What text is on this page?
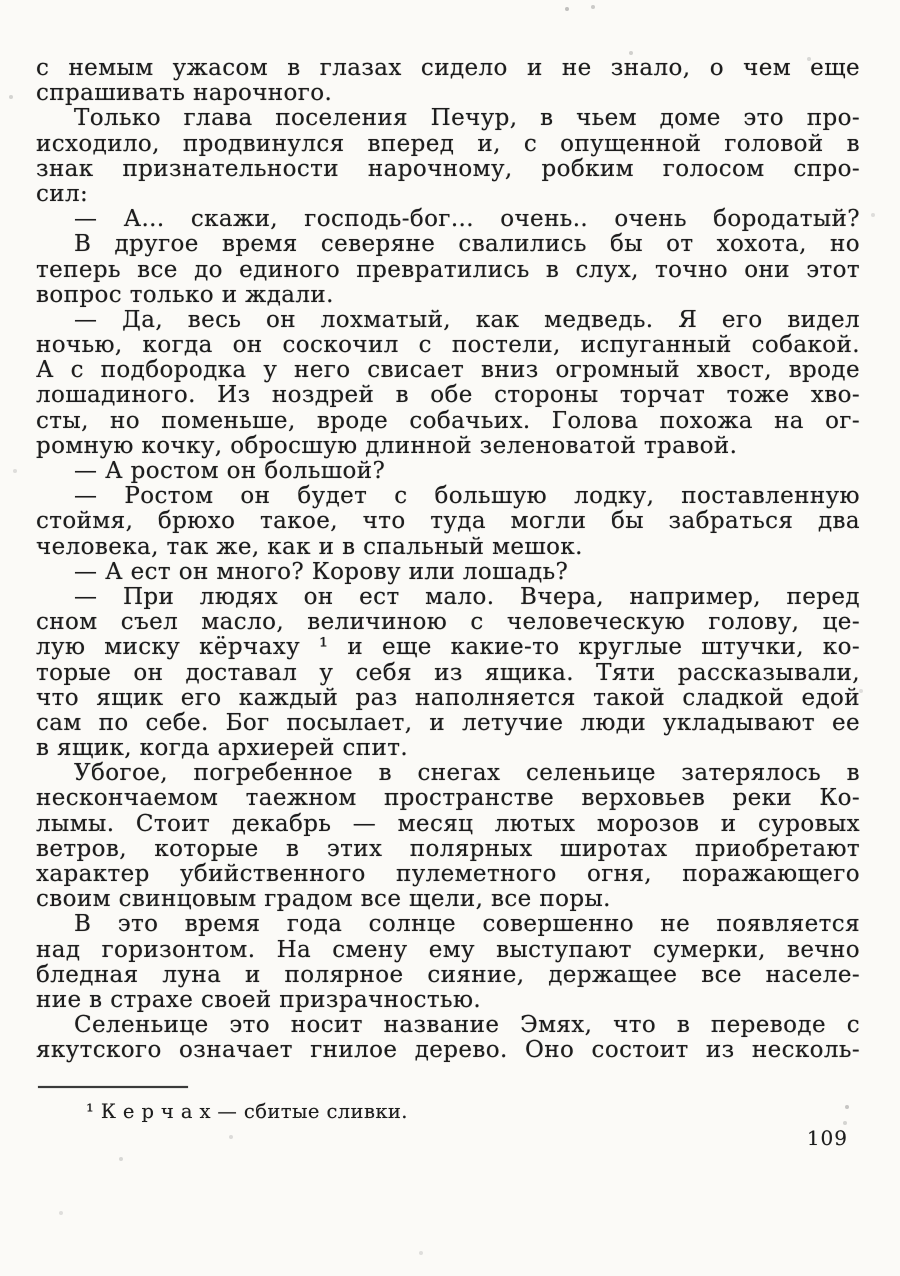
с немым ужасом в глазах сидело и не знало, о чем еще
спрашивать нарочного.
Только глава поселения Печур, в чьем доме это про-
исходило, продвинулся вперед и, с опущенной головой в
знак признательности нарочному, робким голосом спро-
сил:
— А... скажи, господь-бог... очень.. очень бородатый?
В другое время северяне свалились бы от хохота, но
теперь все до единого превратились в слух, точно они этот
вопрос только и ждали.
— Да, весь он лохматый, как медведь. Я его видел
ночью, когда он соскочил с постели, испуганный собакой.
А с подбородка у него свисает вниз огромный хвост, вроде
лошадиного. Из ноздрей в обе стороны торчат тоже хво-
сты, но поменьше, вроде собачьих. Голова похожа на ог-
ромную кочку, обросшую длинной зеленоватой травой.
— А ростом он большой?
— Ростом он будет с большую лодку, поставленную
стоймя, брюхо такое, что туда могли бы забраться два
человека, так же, как и в спальный мешок.
— А ест он много? Корову или лошадь?
— При людях он ест мало. Вчера, например, перед
сном съел масло, величиною с человеческую голову, це-
лую миску кёрчаху ¹ и еще какие-то круглые штучки, ко-
торые он доставал у себя из ящика. Тяти рассказывали,
что ящик его каждый раз наполняется такой сладкой едой
сам по себе. Бог посылает, и летучие люди укладывают ее
в ящик, когда архиерей спит.
Убогое, погребенное в снегах селеньице затерялось в
нескончаемом таежном пространстве верховьев реки Ко-
лымы. Стоит декабрь — месяц лютых морозов и суровых
ветров, которые в этих полярных широтах приобретают
характер убийственного пулеметного огня, поражающего
своим свинцовым градом все щели, все поры.
В это время года солнце совершенно не появляется
над горизонтом. На смену ему выступают сумерки, вечно
бледная луна и полярное сияние, держащее все населе-
ние в страхе своей призрачностью.
Селеньице это носит название Эмях, что в переводе с
якутского означает гнилое дерево. Оно состоит из несколь-
¹ К е р ч а х — сбитые сливки.
109
